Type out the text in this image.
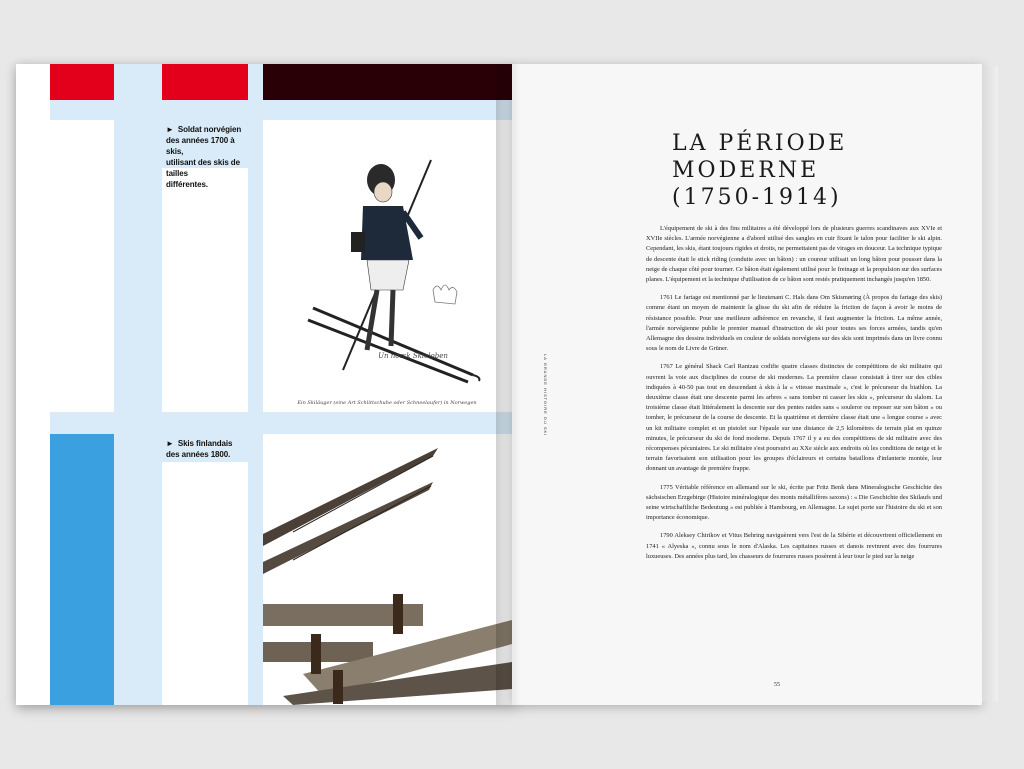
► Soldat norvégien
des années 1700 à skis,
utilisant des skis de tailles
différentes.
Un norsk Skieloben
Ein Skiläuger (eine Art Schlittschuhe oder Schneelaufer) in Norwegen
► Skis finlandais
des années 1800.
LA GRANDE HISTOIRE DU SKI
LA PÉRIODE
MODERNE
(1750-1914)

L'équipement de ski à des fins militaires a été développé lors de plusieurs guerres scandinaves aux XVIe et XVIIe siècles. L'armée norvégienne a d'abord utilisé des sangles en cuir fixant le talon pour faciliter le ski alpin. Cependant, les skis, étant toujours rigides et droits, ne permettaient pas de virages en douceur. La technique typique de descente était le stick riding (conduite avec un bâton) : un coureur utilisait un long bâton pour pousser dans la neige de chaque côté pour tourner. Ce bâton était également utilisé pour le freinage et la propulsion sur des surfaces planes. L'équipement et la technique d'utilisation de ce bâton sont restés pratiquement inchangés jusqu'en 1850.

1761 Le fartage est mentionné par le lieutenant C. Hals dans Om Skismøring (À propos du fartage des skis) comme étant un moyen de maintenir la glisse du ski afin de réduire la friction de façon à avoir le moins de résistance possible. Pour une meilleure adhérence en revanche, il faut augmenter la friction. La même année, l'armée norvégienne publie le premier manuel d'instruction de ski pour toutes ses forces armées, tandis qu'en Allemagne des dessins individuels en couleur de soldats norvégiens sur des skis sont imprimés dans un livre connu sous le nom de Livre de Grüner.

1767 Le général Shack Carl Rantzau codifie quatre classes distinctes de compétitions de ski militaire qui ouvrent la voie aux disciplines de course de ski modernes. La première classe consistait à tirer sur des cibles indiquées à 40-50 pas tout en descendant à skis à la « vitesse maximale », c'est le précurseur du biathlon. La deuxième classe était une descente parmi les arbres « sans tomber ni casser les skis », précurseur du slalom. La troisième classe était littéralement la descente sur des pentes raides sans « souleror ou reposer sur son bâton » ou tomber, le précurseur de la course de descente. Et la quatrième et dernière classe était une « longue course » avec un kit militaire complet et un pistolet sur l'épaule sur une distance de 2,5 kilomètres de terrain plat en quinze minutes, le précurseur du ski de fond moderne. Depuis 1767 il y a eu des compétitions de ski militaire avec des récompenses pécuniaires. Le ski militaire s'est poursuivi au XXe siècle aux endroits où les conditions de neige et le terrain favorisaient son utilisation pour les groupes d'éclaireurs et certains bataillons d'infanterie montée, leur donnant un avantage de première frappe.

1775 Véritable référence en allemand sur le ski, écrite par Fritz Benk dans Mineralogische Geschichte des sächsischen Erzgebirge (Histoire minéralogique des monts métallifères saxons) : « Die Geschichte des Skilaufs und seine wirtschaftliche Bedeutung » est publiée à Hambourg, en Allemagne. Le sujet porte sur l'histoire du ski et son importance économique.

1790 Aleksey Chirikov et Vitus Behring naviguèrent vers l'est de la Sibérie et découvrirent officiellement en 1741 « Alyeska », connu sous le nom d'Alaska. Les capitaines russes et danois revinrent avec des fourrures luxueuses. Des années plus tard, les chasseurs de fourrures russes posèrent à leur tour le pied sur la neige

55
